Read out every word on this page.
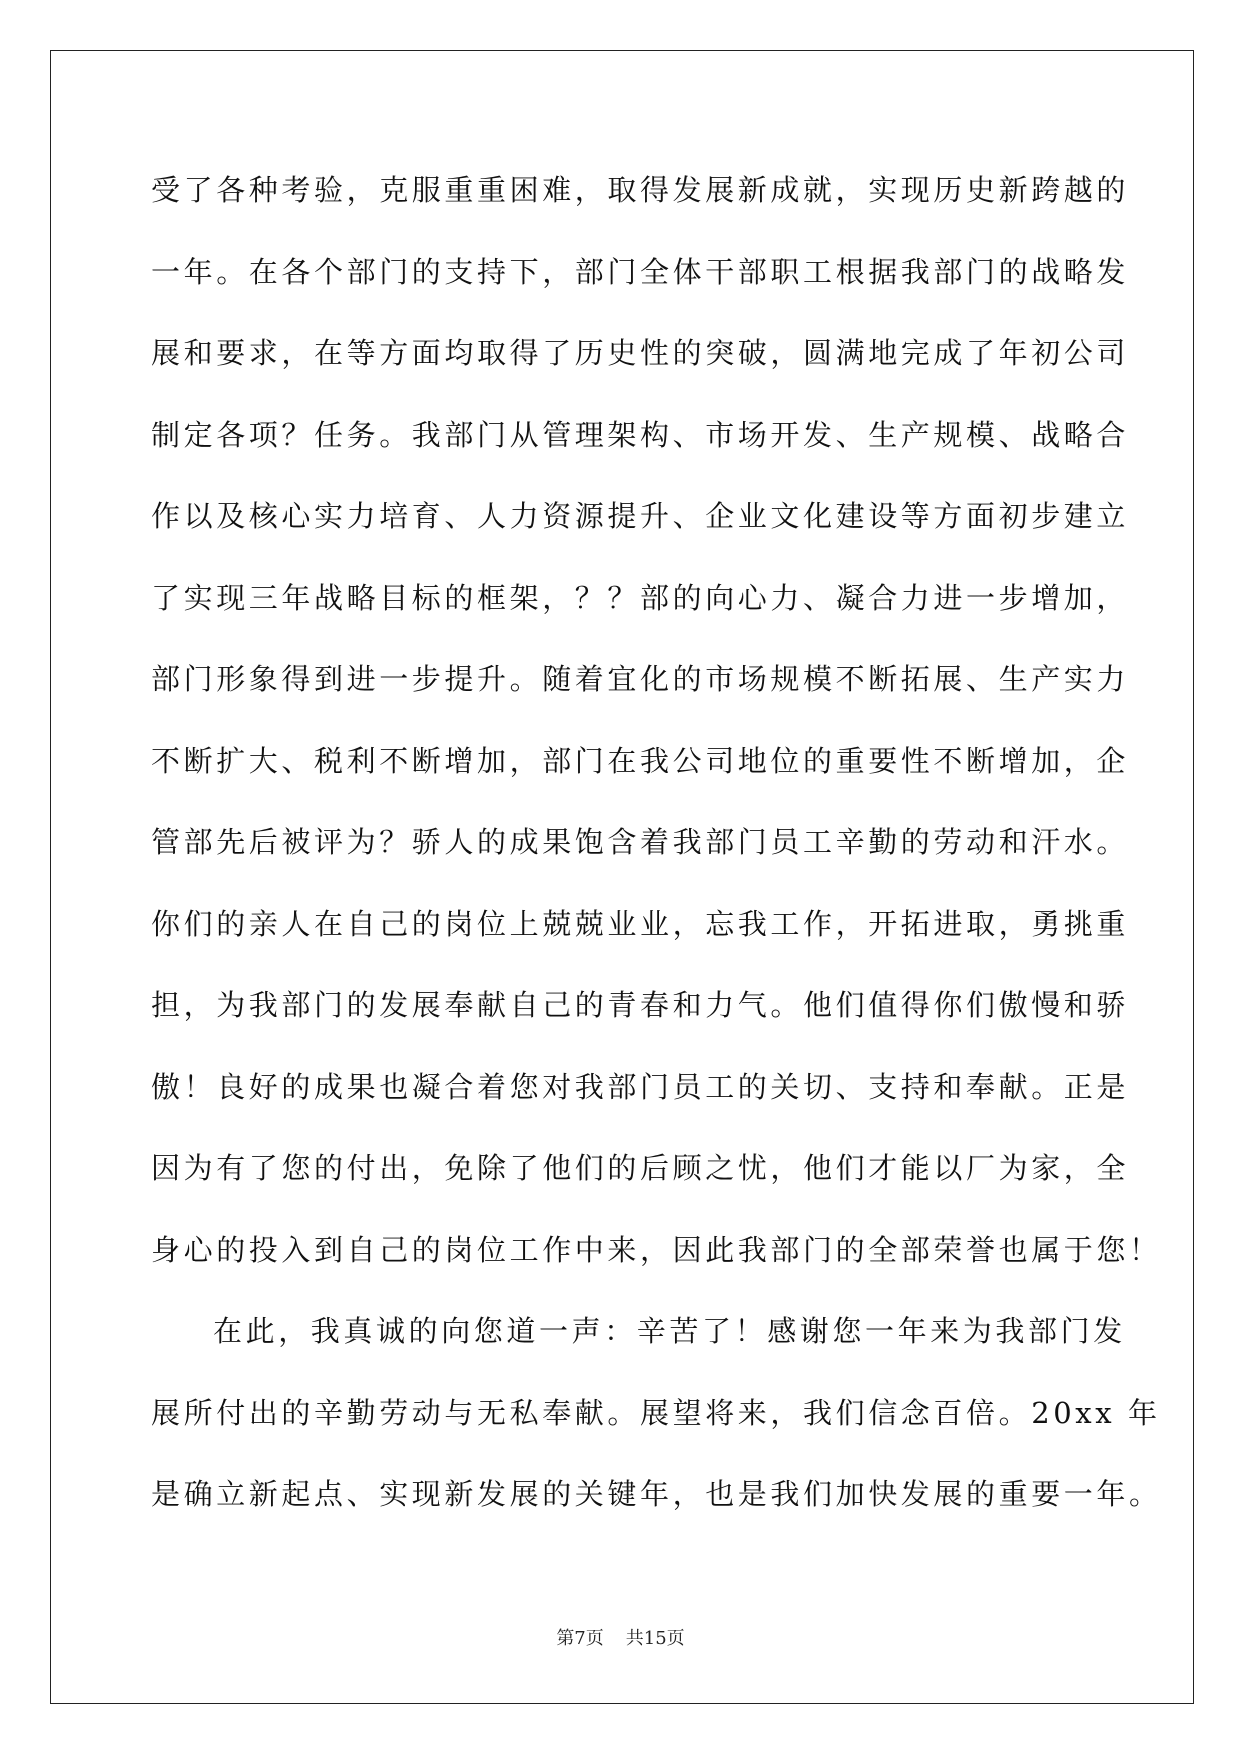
受了各种考验，克服重重困难，取得发展新成就，实现历史新跨越的
一年。在各个部门的支持下，部门全体干部职工根据我部门的战略发
展和要求，在等方面均取得了历史性的突破，圆满地完成了年初公司
制定各项？任务。我部门从管理架构、市场开发、生产规模、战略合
作以及核心实力培育、人力资源提升、企业文化建设等方面初步建立
了实现三年战略目标的框架，？？部的向心力、凝合力进一步增加，
部门形象得到进一步提升。随着宜化的市场规模不断拓展、生产实力
不断扩大、税利不断增加，部门在我公司地位的重要性不断增加，企
管部先后被评为？骄人的成果饱含着我部门员工辛勤的劳动和汗水。
你们的亲人在自己的岗位上兢兢业业，忘我工作，开拓进取，勇挑重
担，为我部门的发展奉献自己的青春和力气。他们值得你们傲慢和骄
傲！良好的成果也凝合着您对我部门员工的关切、支持和奉献。正是
因为有了您的付出，免除了他们的后顾之忧，他们才能以厂为家，全
身心的投入到自己的岗位工作中来，因此我部门的全部荣誉也属于您！
在此，我真诚的向您道一声：辛苦了！感谢您一年来为我部门发
展所付出的辛勤劳动与无私奉献。展望将来，我们信念百倍。20xx 年
是确立新起点、实现新发展的关键年，也是我们加快发展的重要一年。
第7页 共15页
